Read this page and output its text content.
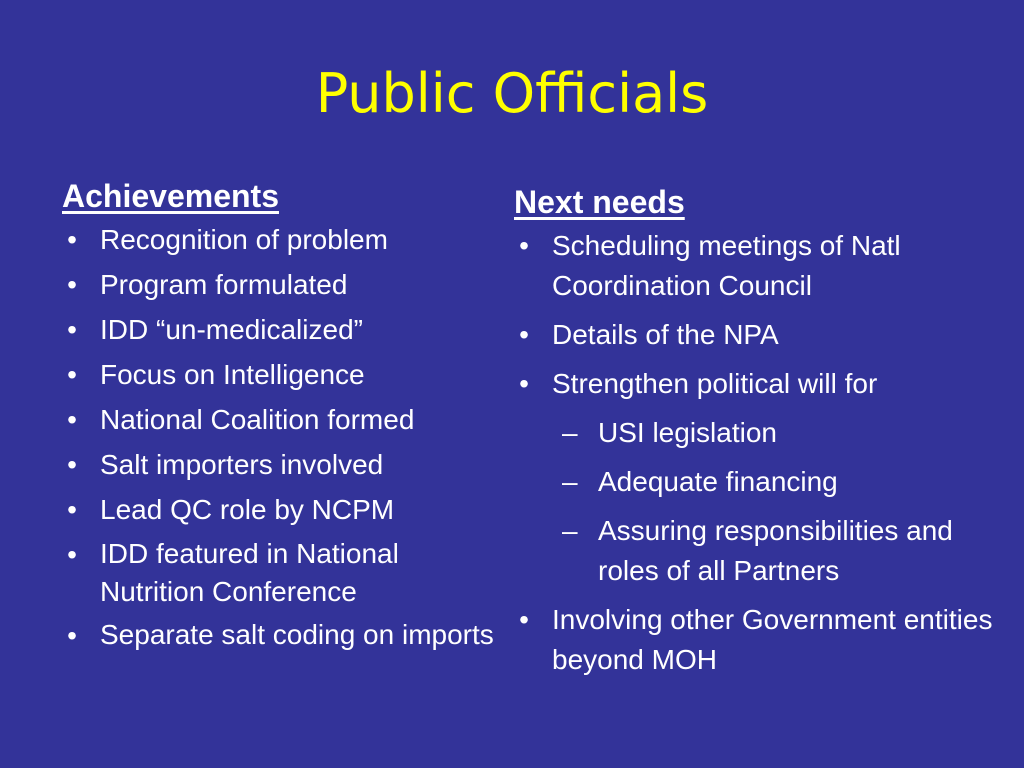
Public Officials
Achievements
• Recognition of problem
• Program formulated
• IDD “un-medicalized”
• Focus on Intelligence
• National Coalition formed
• Salt importers involved
• Lead QC role by NCPM
• IDD featured in National Nutrition Conference
• Separate salt coding on imports
Next needs
• Scheduling meetings of Natl Coordination Council
• Details of the NPA
• Strengthen political will for
– USI legislation
– Adequate financing
– Assuring responsibilities and roles of all Partners
• Involving other Government entities beyond MOH
